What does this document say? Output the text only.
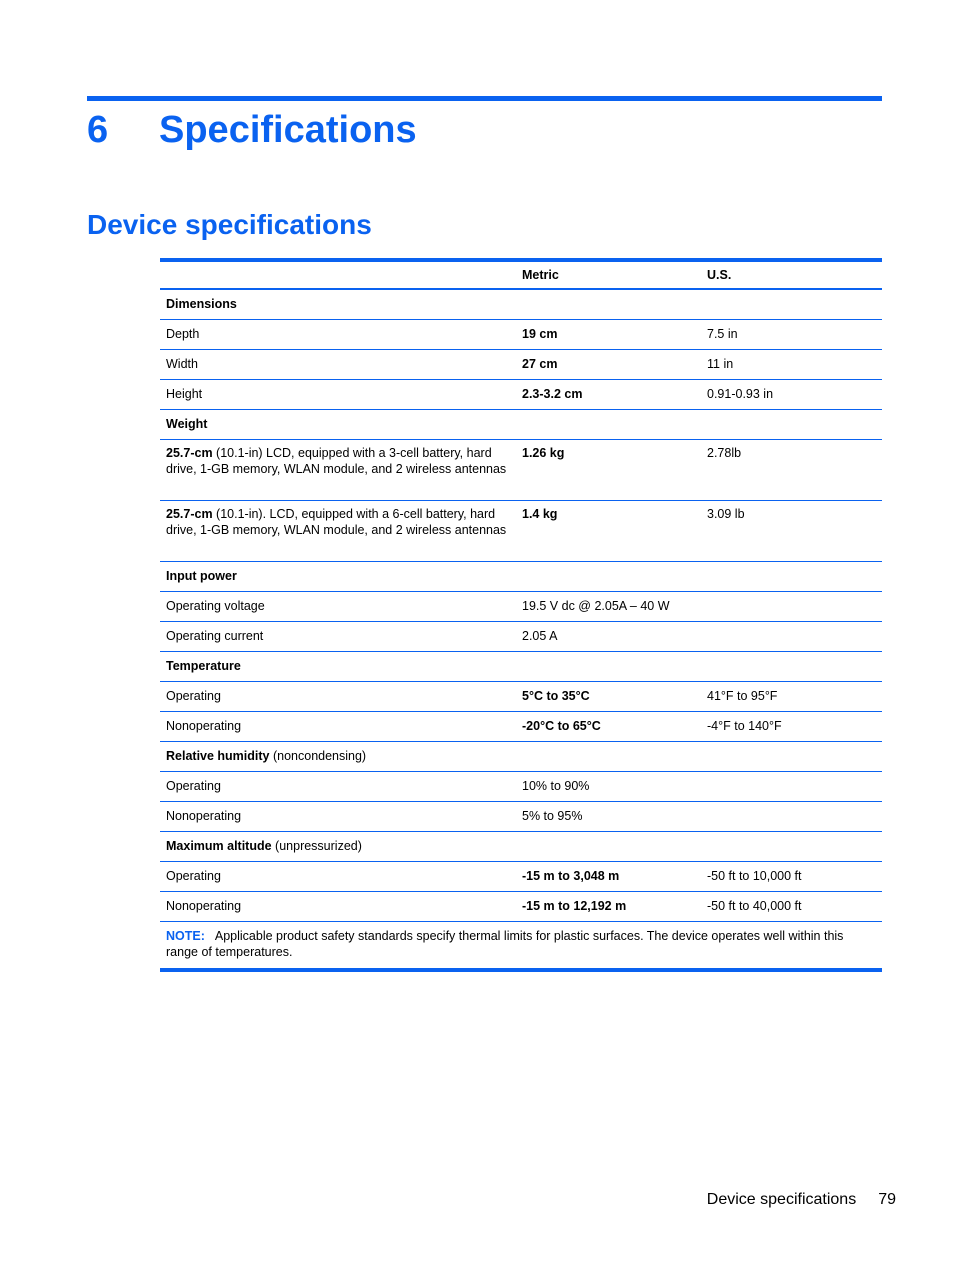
6 Specifications
Device specifications
	Metric	U.S.
Dimensions		
Depth	19 cm	7.5 in
Width	27 cm	11 in
Height	2.3-3.2 cm	0.91-0.93 in
Weight		
25.7-cm (10.1-in) LCD, equipped with a 3-cell battery, hard drive, 1-GB memory, WLAN module, and 2 wireless antennas	1.26 kg	2.78lb
25.7-cm (10.1-in). LCD, equipped with a 6-cell battery, hard drive, 1-GB memory, WLAN module, and 2 wireless antennas	1.4 kg	3.09 lb
Input power		
Operating voltage	19.5 V dc @ 2.05A – 40 W	
Operating current	2.05 A	
Temperature		
Operating	5°C to 35°C	41°F to 95°F
Nonoperating	-20°C to 65°C	-4°F to 140°F
Relative humidity (noncondensing)		
Operating	10% to 90%	
Nonoperating	5% to 95%	
Maximum altitude (unpressurized)		
Operating	-15 m to 3,048 m	-50 ft to 10,000 ft
Nonoperating	-15 m to 12,192 m	-50 ft to 40,000 ft
NOTE: Applicable product safety standards specify thermal limits for plastic surfaces. The device operates well within this range of temperatures.		
Device specifications 79
